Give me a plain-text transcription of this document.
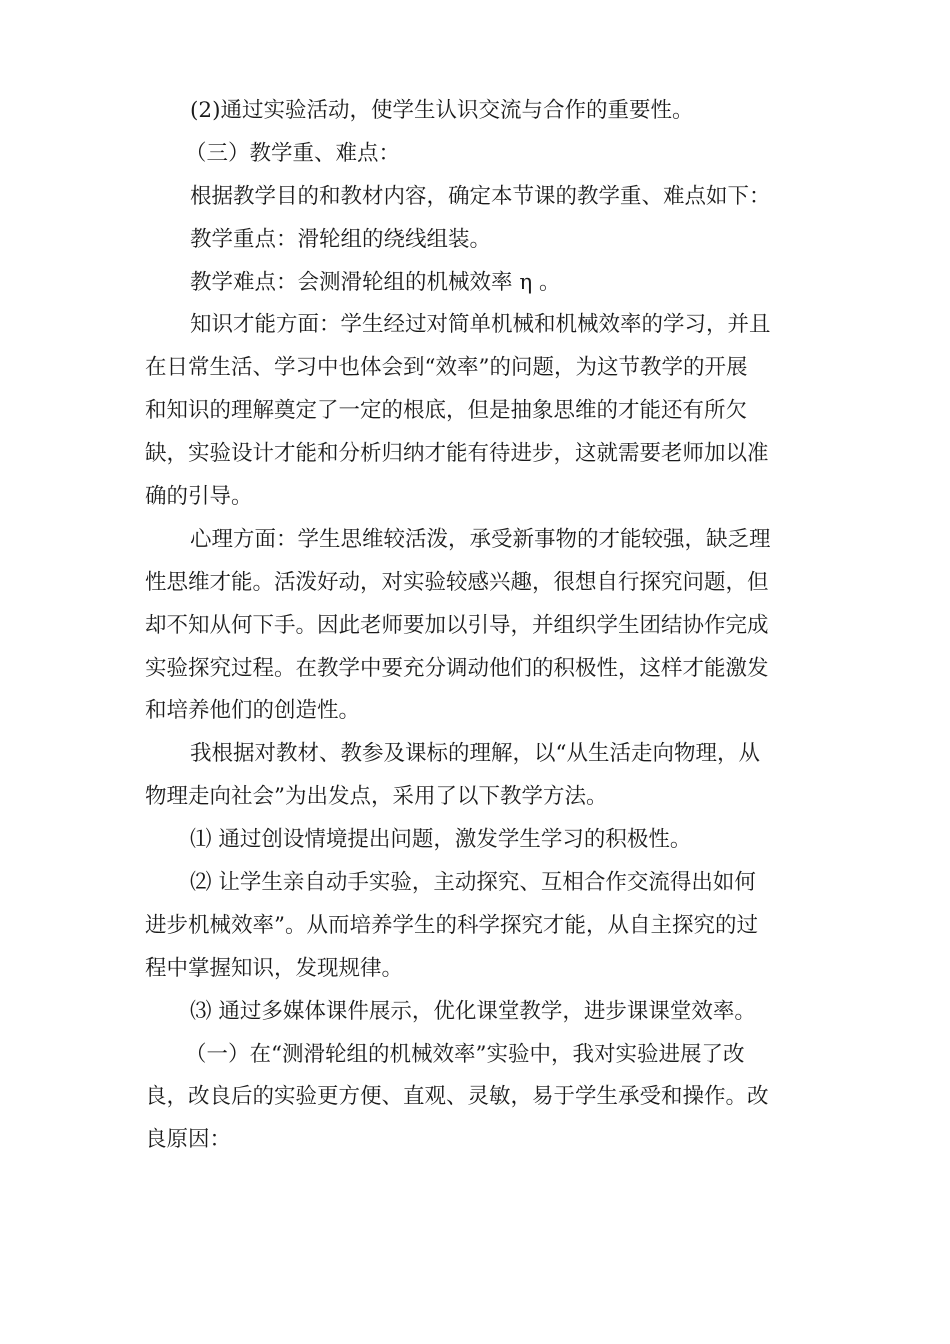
(2)通过实验活动，使学生认识交流与合作的重要性。
（三）教学重、难点：
根据教学目的和教材内容，确定本节课的教学重、难点如下：
教学重点：滑轮组的绕线组装。
教学难点：会测滑轮组的机械效率 η 。
知识才能方面：学生经过对简单机械和机械效率的学习，并且
在日常生活、学习中也体会到“效率”的问题，为这节教学的开展
和知识的理解奠定了一定的根底，但是抽象思维的才能还有所欠
缺，实验设计才能和分析归纳才能有待进步，这就需要老师加以准
确的引导。
心理方面：学生思维较活泼，承受新事物的才能较强，缺乏理
性思维才能。活泼好动，对实验较感兴趣，很想自行探究问题，但
却不知从何下手。因此老师要加以引导，并组织学生团结协作完成
实验探究过程。在教学中要充分调动他们的积极性，这样才能激发
和培养他们的创造性。
我根据对教材、教参及课标的理解，以“从生活走向物理，从
物理走向社会”为出发点，采用了以下教学方法。
⑴ 通过创设情境提出问题，激发学生学习的积极性。
⑵ 让学生亲自动手实验，主动探究、互相合作交流得出如何
进步机械效率”。从而培养学生的科学探究才能，从自主探究的过
程中掌握知识，发现规律。
⑶ 通过多媒体课件展示，优化课堂教学，进步课课堂效率。
（一）在“测滑轮组的机械效率”实验中，我对实验进展了改
良，改良后的实验更方便、直观、灵敏，易于学生承受和操作。改
良原因：
